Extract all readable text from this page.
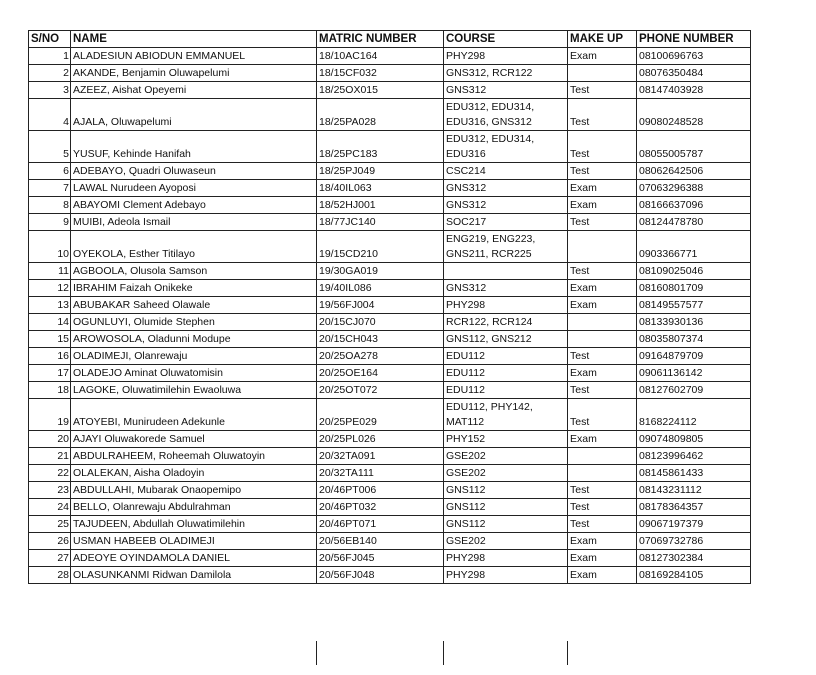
S/NO	NAME	MATRIC NUMBER	COURSE	MAKE UP	PHONE NUMBER
1	ALADESIUN ABIODUN EMMANUEL	18/10AC164	PHY298	Exam	08100696763
2	AKANDE, Benjamin Oluwapelumi	18/15CF032	GNS312, RCR122		08076350484
3	AZEEZ, Aishat Opeyemi	18/25OX015	GNS312	Test	08147403928
4	AJALA, Oluwapelumi	18/25PA028	EDU312, EDU314,
EDU316, GNS312	Test	09080248528
5	YUSUF, Kehinde Hanifah	18/25PC183	EDU312, EDU314,
EDU316	Test	08055005787
6	ADEBAYO, Quadri Oluwaseun	18/25PJ049	CSC214	Test	08062642506
7	LAWAL Nurudeen Ayoposi	18/40IL063	GNS312	Exam	07063296388
8	ABAYOMI Clement Adebayo	18/52HJ001	GNS312	Exam	08166637096
9	MUIBI, Adeola Ismail	18/77JC140	SOC217	Test	08124478780
10	OYEKOLA, Esther Titilayo	19/15CD210	ENG219, ENG223,
GNS211, RCR225		0903366771
11	AGBOOLA, Olusola Samson	19/30GA019		Test	08109025046
12	IBRAHIM Faizah Onikeke	19/40IL086	GNS312	Exam	08160801709
13	ABUBAKAR Saheed Olawale	19/56FJ004	PHY298	Exam	08149557577
14	OGUNLUYI, Olumide Stephen	20/15CJ070	RCR122, RCR124		08133930136
15	AROWOSOLA, Oladunni Modupe	20/15CH043	GNS112, GNS212		08035807374
16	OLADIMEJI, Olanrewaju	20/25OA278	EDU112	Test	09164879709
17	OLADEJO Aminat Oluwatomisin	20/25OE164	EDU112	Exam	09061136142
18	LAGOKE, Oluwatimilehin Ewaoluwa	20/25OT072	EDU112	Test	08127602709
19	ATOYEBI, Munirudeen Adekunle	20/25PE029	EDU112, PHY142,
MAT112	Test	8168224112
20	AJAYI Oluwakorede Samuel	20/25PL026	PHY152	Exam	09074809805
21	ABDULRAHEEM, Roheemah Oluwatoyin	20/32TA091	GSE202		08123996462
22	OLALEKAN, Aisha Oladoyin	20/32TA111	GSE202		08145861433
23	ABDULLAHI, Mubarak Onaopemipo	20/46PT006	GNS112	Test	08143231112
24	BELLO, Olanrewaju Abdulrahman	20/46PT032	GNS112	Test	08178364357
25	TAJUDEEN, Abdullah Oluwatimilehin	20/46PT071	GNS112	Test	09067197379
26	USMAN HABEEB OLADIMEJI	20/56EB140	GSE202	Exam	07069732786
27	ADEOYE OYINDAMOLA DANIEL	20/56FJ045	PHY298	Exam	08127302384
28	OLASUNKANMI Ridwan Damilola	20/56FJ048	PHY298	Exam	08169284105
